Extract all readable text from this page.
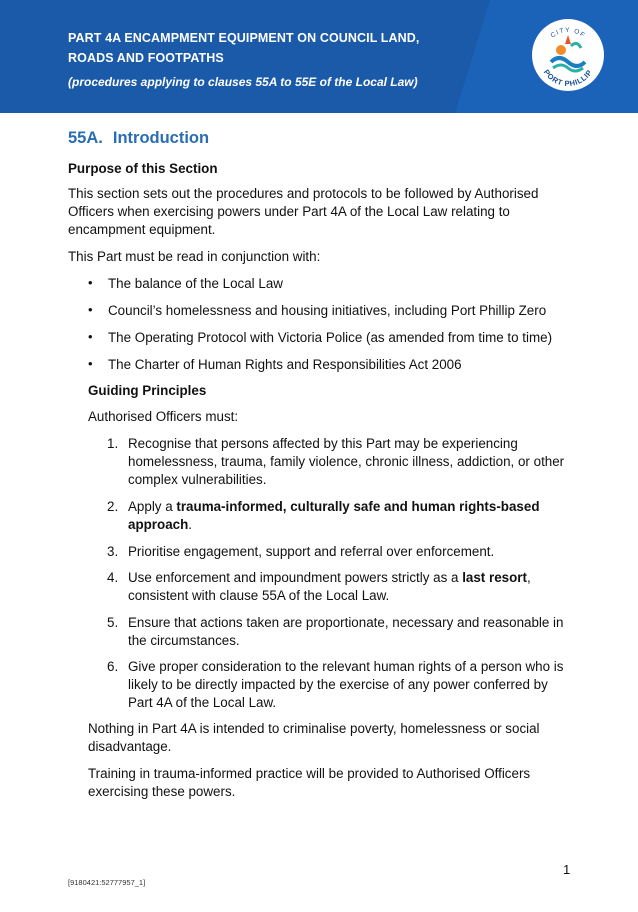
PART 4A ENCAMPMENT EQUIPMENT ON COUNCIL LAND,
ROADS AND FOOTPATHS
(procedures applying to clauses 55A to 55E of the Local Law)
CITY OF
PORT PHILLIP
55A. Introduction
Purpose of this Section
This section sets out the procedures and protocols to be followed by Authorised
Officers when exercising powers under Part 4A of the Local Law relating to
encampment equipment.
This Part must be read in conjunction with:
• The balance of the Local Law
• Council’s homelessness and housing initiatives, including Port Phillip Zero
• The Operating Protocol with Victoria Police (as amended from time to time)
• The Charter of Human Rights and Responsibilities Act 2006
Guiding Principles
Authorised Officers must:
1. Recognise that persons affected by this Part may be experiencing
homelessness, trauma, family violence, chronic illness, addiction, or other
complex vulnerabilities.
2. Apply a trauma-informed, culturally safe and human rights-based
approach.
3. Prioritise engagement, support and referral over enforcement.
4. Use enforcement and impoundment powers strictly as a last resort,
consistent with clause 55A of the Local Law.
5. Ensure that actions taken are proportionate, necessary and reasonable in
the circumstances.
6. Give proper consideration to the relevant human rights of a person who is
likely to be directly impacted by the exercise of any power conferred by
Part 4A of the Local Law.
Nothing in Part 4A is intended to criminalise poverty, homelessness or social
disadvantage.
Training in trauma-informed practice will be provided to Authorised Officers
exercising these powers.
1
[9180421:52777957_1]
